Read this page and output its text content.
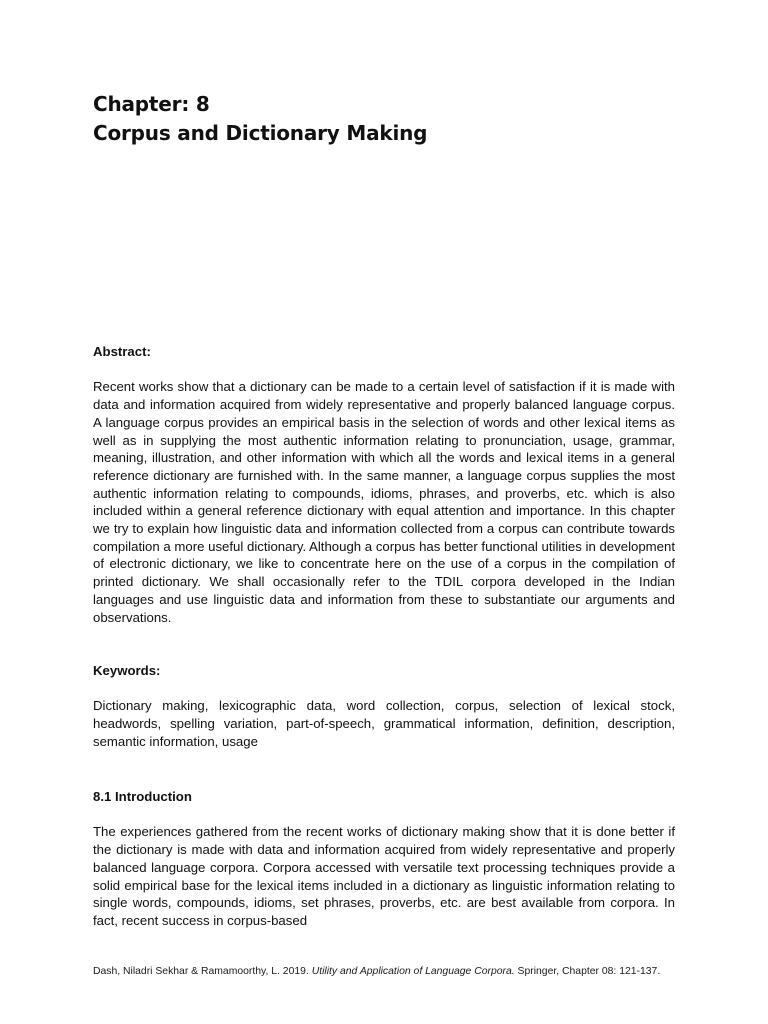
Chapter: 8
Corpus and Dictionary Making
Abstract:

Recent works show that a dictionary can be made to a certain level of satisfaction if it is made with data and information acquired from widely representative and properly balanced language corpus. A language corpus provides an empirical basis in the selection of words and other lexical items as well as in supplying the most authentic information relating to pronunciation, usage, grammar, meaning, illustration, and other information with which all the words and lexical items in a general reference dictionary are furnished with. In the same manner, a language corpus supplies the most authentic information relating to compounds, idioms, phrases, and proverbs, etc. which is also included within a general reference dictionary with equal attention and importance. In this chapter we try to explain how linguistic data and information collected from a corpus can contribute towards compilation a more useful dictionary. Although a corpus has better functional utilities in development of electronic dictionary, we like to concentrate here on the use of a corpus in the compilation of printed dictionary. We shall occasionally refer to the TDIL corpora developed in the Indian languages and use linguistic data and information from these to substantiate our arguments and observations.

Keywords:

Dictionary making, lexicographic data, word collection, corpus, selection of lexical stock, headwords, spelling variation, part-of-speech, grammatical information, definition, description, semantic information, usage

8.1 Introduction

The experiences gathered from the recent works of dictionary making show that it is done better if the dictionary is made with data and information acquired from widely representative and properly balanced language corpora. Corpora accessed with versatile text processing techniques provide a solid empirical base for the lexical items included in a dictionary as linguistic information relating to single words, compounds, idioms, set phrases, proverbs, etc. are best available from corpora. In fact, recent success in corpus-based

Dash, Niladri Sekhar & Ramamoorthy, L. 2019. Utility and Application of Language Corpora. Springer, Chapter 08: 121-137.
